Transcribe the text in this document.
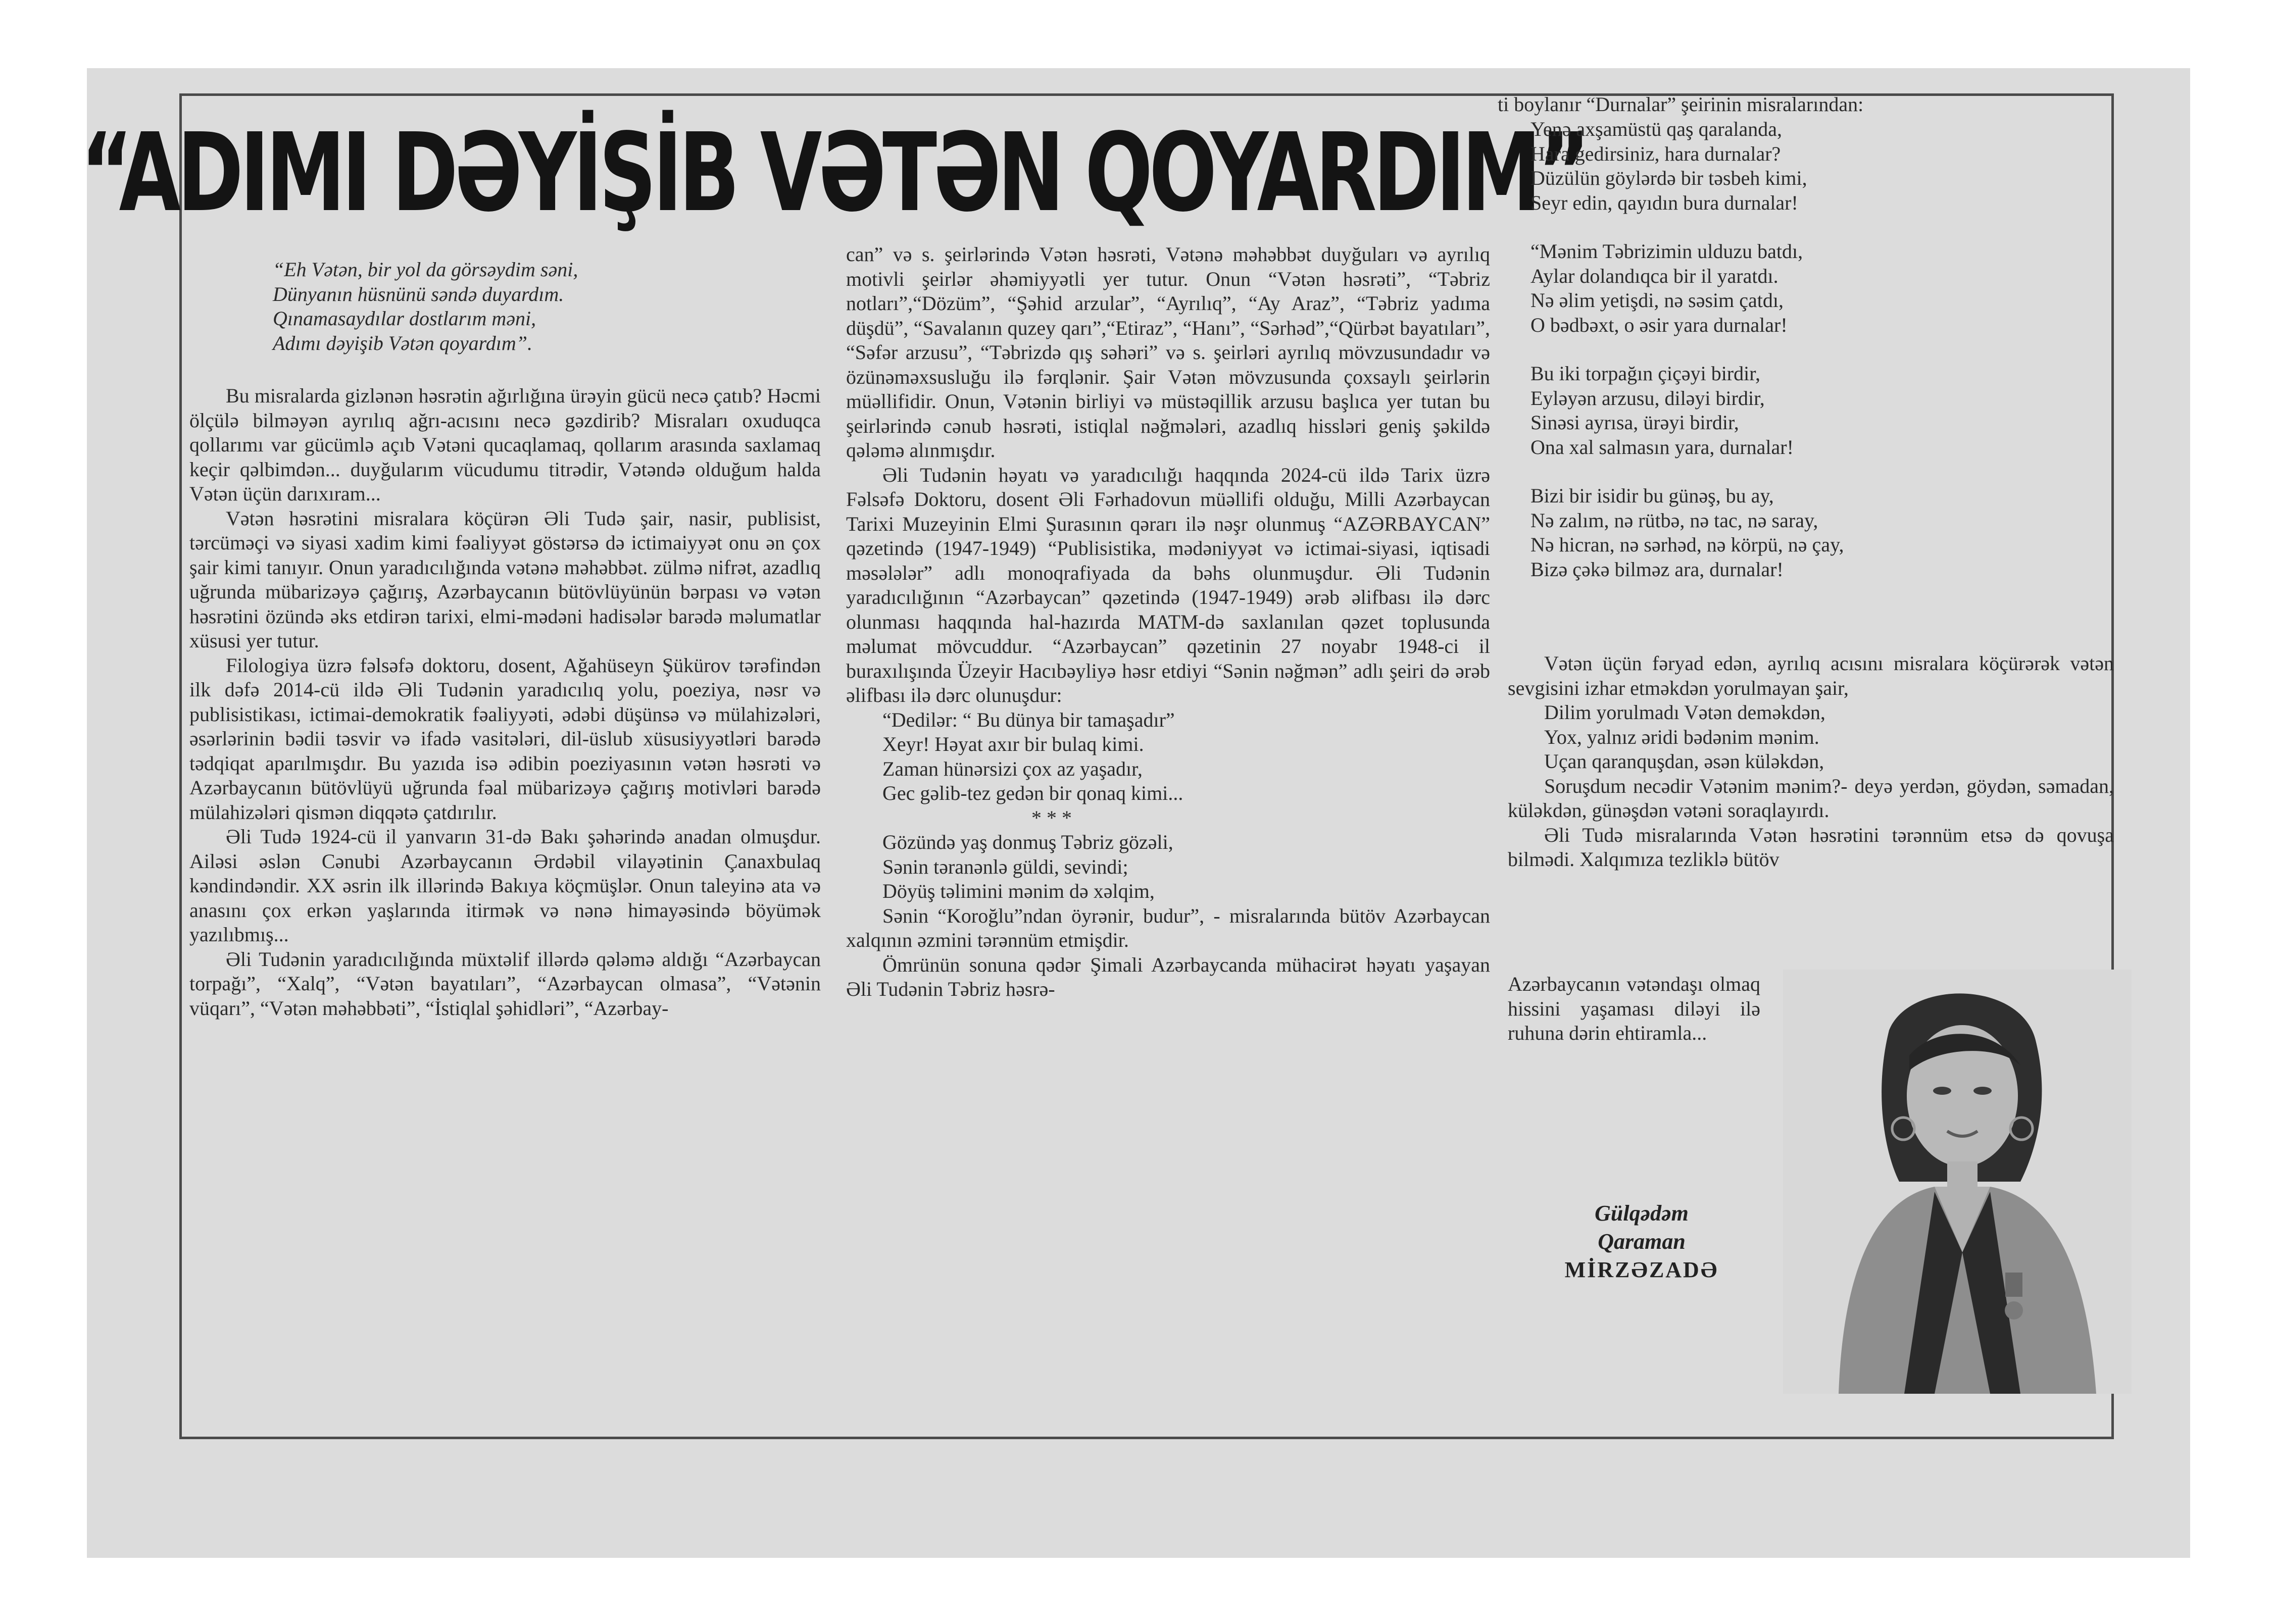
“ADIMI DƏYİŞİB VƏTƏN QOYARDIM”
“Eh Vətən, bir yol da görsəydim səni,
Dünyanın hüsnünü səndə duyardım.
Qınamasaydılar dostlarım məni,
Adımı dəyişib Vətən qoyardım”.

Bu misralarda gizlənən həsrətin ağırlığına ürəyin gücü necə çatıb? Həcmi ölçülə bilməyən ayrılıq ağrı-acısını necə gəzdirib? Misraları oxuduqca qollarımı var gücümlə açıb Vətəni qucaqlamaq, qollarım arasında saxlamaq keçir qəlbimdən... duyğularım vücudumu titrədir, Vətəndə olduğum halda Vətən üçün darıxıram...

Vətən həsrətini misralara köçürən Əli Tudə şair, nasir, publisist, tərcüməçi və siyasi xadim kimi fəaliyyət göstərsə də ictimaiyyət onu ən çox şair kimi tanıyır. Onun yaradıcılığında vətənə məhəbbət. zülmə nifrət, azadlıq uğrunda mübarizəyə çağırış, Azərbaycanın bütövlüyünün bərpası və vətən həsrətini özündə əks etdirən tarixi, elmi-mədəni hadisələr barədə məlumatlar xüsusi yer tutur.

Filologiya üzrə fəlsəfə doktoru, dosent, Ağahüseyn Şükürov tərəfindən ilk dəfə 2014-cü ildə Əli Tudənin yaradıcılıq yolu, poeziya, nəsr və publisistikası, ictimai-demokratik fəaliyyəti, ədəbi düşünsə və mülahizələri, əsərlərinin bədii təsvir və ifadə vasitələri, dil-üslub xüsusiyyətləri barədə tədqiqat aparılmışdır. Bu yazıda isə ədibin poeziyasının vətən həsrəti və Azərbaycanın bütövlüyü uğrunda fəal mübarizəyə çağırış motivləri barədə mülahizələri qismən diqqətə çatdırılır.

Əli Tudə 1924-cü il yanvarın 31-də Bakı şəhərində anadan olmuşdur. Ailəsi əslən Cənubi Azərbaycanın Ərdəbil vilayətinin Çanaxbulaq kəndindəndir. XX əsrin ilk illərində Bakıya köçmüşlər. Onun taleyinə ata və anasını çox erkən yaşlarında itirmək və nənə himayəsində böyümək yazılıbmış...

Əli Tudənin yaradıcılığında müxtəlif illərdə qələmə aldığı “Azərbaycan torpağı”, “Xalq”, “Vətən bayatıları”, “Azərbaycan olmasa”, “Vətənin vüqarı”, “Vətən məhəbbəti”, “İstiqlal şəhidləri”, “Azərbay-

can” və s. şeirlərində Vətən həsrəti, Vətənə məhəbbət duyğuları və ayrılıq motivli şeirlər əhəmiyyətli yer tutur. Onun “Vətən həsrəti”, “Təbriz notları”,“Dözüm”, “Şəhid arzular”, “Ayrılıq”, “Ay Araz”, “Təbriz yadıma düşdü”, “Savalanın quzey qarı”,“Etiraz”, “Hanı”, “Sərhəd”,“Qürbət bayatıları”, “Səfər arzusu”, “Təbrizdə qış səhəri” və s. şeirləri ayrılıq mövzusundadır və özünəməxsusluğu ilə fərqlənir. Şair Vətən mövzusunda çoxsaylı şeirlərin müəllifidir. Onun, Vətənin birliyi və müstəqillik arzusu başlıca yer tutan bu şeirlərində cənub həsrəti, istiqlal nəğmələri, azadlıq hissləri geniş şəkildə qələmə alınmışdır.

Əli Tudənin həyatı və yaradıcılığı haqqında 2024-cü ildə Tarix üzrə Fəlsəfə Doktoru, dosent Əli Fərhadovun müəllifi olduğu, Milli Azərbaycan Tarixi Muzeyinin Elmi Şurasının qərarı ilə nəşr olunmuş “AZƏRBAYCAN” qəzetində (1947-1949) “Publisistika, mədəniyyət və ictimai-siyasi, iqtisadi məsələlər” adlı monoqrafiyada da bəhs olunmuşdur. Əli Tudənin yaradıcılığının “Azərbaycan” qəzetində (1947-1949) ərəb əlifbası ilə dərc olunması haqqında hal-hazırda MATM-də saxlanılan qəzet toplusunda məlumat mövcuddur. “Azərbaycan” qəzetinin 27 noyabr 1948-ci il buraxılışında Üzeyir Hacıbəyliyə həsr etdiyi “Sənin nəğmən” adlı şeiri də ərəb əlifbası ilə dərc olunuşdur:

“Dedilər: “ Bu dünya bir tamaşadır”
Xeyr! Həyat axır bir bulaq kimi.
Zaman hünərsizi çox az yaşadır,
Gec gəlib-tez gedən bir qonaq kimi...
* * *
Gözündə yaş donmuş Təbriz gözəli,
Sənin təranənlə güldi, sevindi;
Döyüş təlimini mənim də xəlqim,

Sənin “Koroğlu”ndan öyrənir, budur”, - misralarında bütöv Azərbaycan xalqının əzmini tərənnüm etmişdir.

Ömrünün sonuna qədər Şimali Azərbaycanda mühacirət həyatı yaşayan Əli Tudənin Təbriz həsrə-

ti boylanır “Durnalar” şeirinin misralarından:
Yenə axşamüstü qaş qaralanda,
Hara gedirsiniz, hara durnalar?
Düzülün göylərdə bir təsbeh kimi,
Seyr edin, qayıdın bura durnalar!
“Mənim Təbrizimin ulduzu batdı,
Aylar dolandıqca bir il yaratdı.
Nə əlim yetişdi, nə səsim çatdı,
O bədbəxt, o əsir yara durnalar!
Bu iki torpağın çiçəyi birdir,
Eyləyən arzusu, diləyi birdir,
Sinəsi ayrısa, ürəyi birdir,
Ona xal salmasın yara, durnalar!
Bizi bir isidir bu günəş, bu ay,
Nə zalım, nə rütbə, nə tac, nə saray,
Nə hicran, nə sərhəd, nə körpü, nə çay,
Bizə çəkə bilməz ara, durnalar!

Vətən üçün fəryad edən, ayrılıq acısını misralara köçürərək vətən sevgisini izhar etməkdən yorulmayan şair,

Dilim yorulmadı Vətən deməkdən,
Yox, yalnız əridi bədənim mənim.
Uçan qaranquşdan, əsən küləkdən,

Soruşdum necədir Vətənim mənim?- deyə yerdən, göydən, səmadan, küləkdən, günəşdən vətəni soraqlayırdı.

Əli Tudə misralarında Vətən həsrətini tərənnüm etsə də qovuşa bilmədi. Xalqımıza tezliklə bütöv

Azərbaycanın vətəndaşı olmaq hissini yaşaması diləyi ilə ruhuna dərin ehtiramla...

Gülqədəm
Qaraman
MİRZƏZADƏ
